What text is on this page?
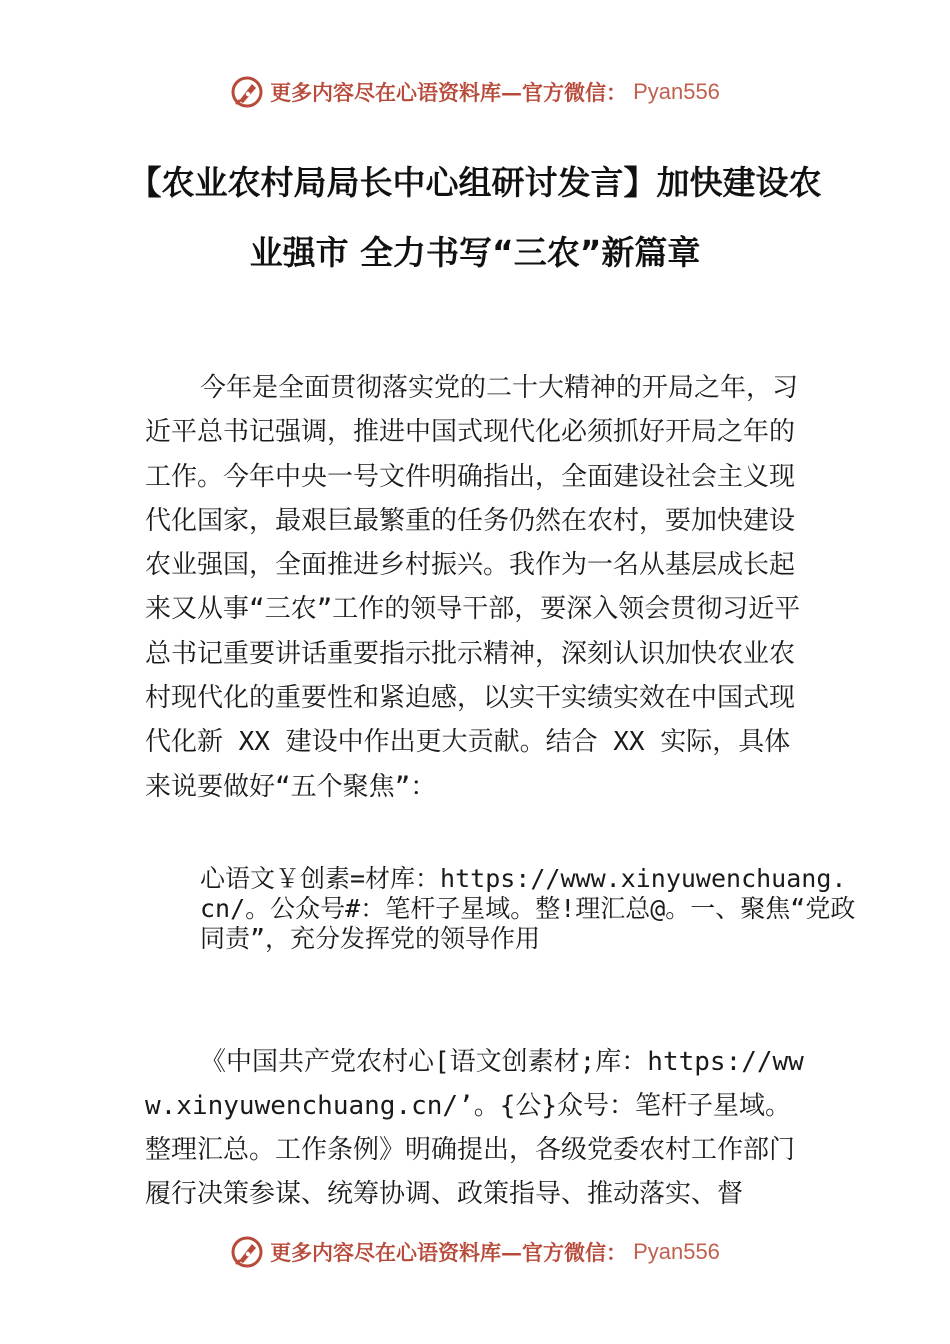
更多内容尽在心语资料库—官方微信： Pyan556
【农业农村局局长中心组研讨发言】加快建设农业强市 全力书写“三农”新篇章
今年是全面贯彻落实党的二十大精神的开局之年，习近平总书记强调，推进中国式现代化必须抓好开局之年的工作。今年中央一号文件明确指出，全面建设社会主义现代化国家，最艰巨最繁重的任务仍然在农村，要加快建设农业强国，全面推进乡村振兴。我作为一名从基层成长起来又从事“三农”工作的领导干部，要深入领会贯彻习近平总书记重要讲话重要指示批示精神，深刻认识加快农业农村现代化的重要性和紧迫感，以实干实绩实效在中国式现代化新 XX 建设中作出更大贡献。结合 XX 实际，具体来说要做好“五个聚焦”：
心语文￥创素=材库：https://www.xinyuwenchuang.cn/。公众号#：笔杆子星域。整!理汇总@。一、聚焦“党政同责”，充分发挥党的领导作用
《中国共产党农村心[语文创素材;库：https://www.xinyuwenchuang.cn/’。{公}众号：笔杆子星域。整理汇总。工作条例》明确提出，各级党委农村工作部门履行决策参谋、统筹协调、政策指导、推动落实、督
更多内容尽在心语资料库—官方微信： Pyan556
